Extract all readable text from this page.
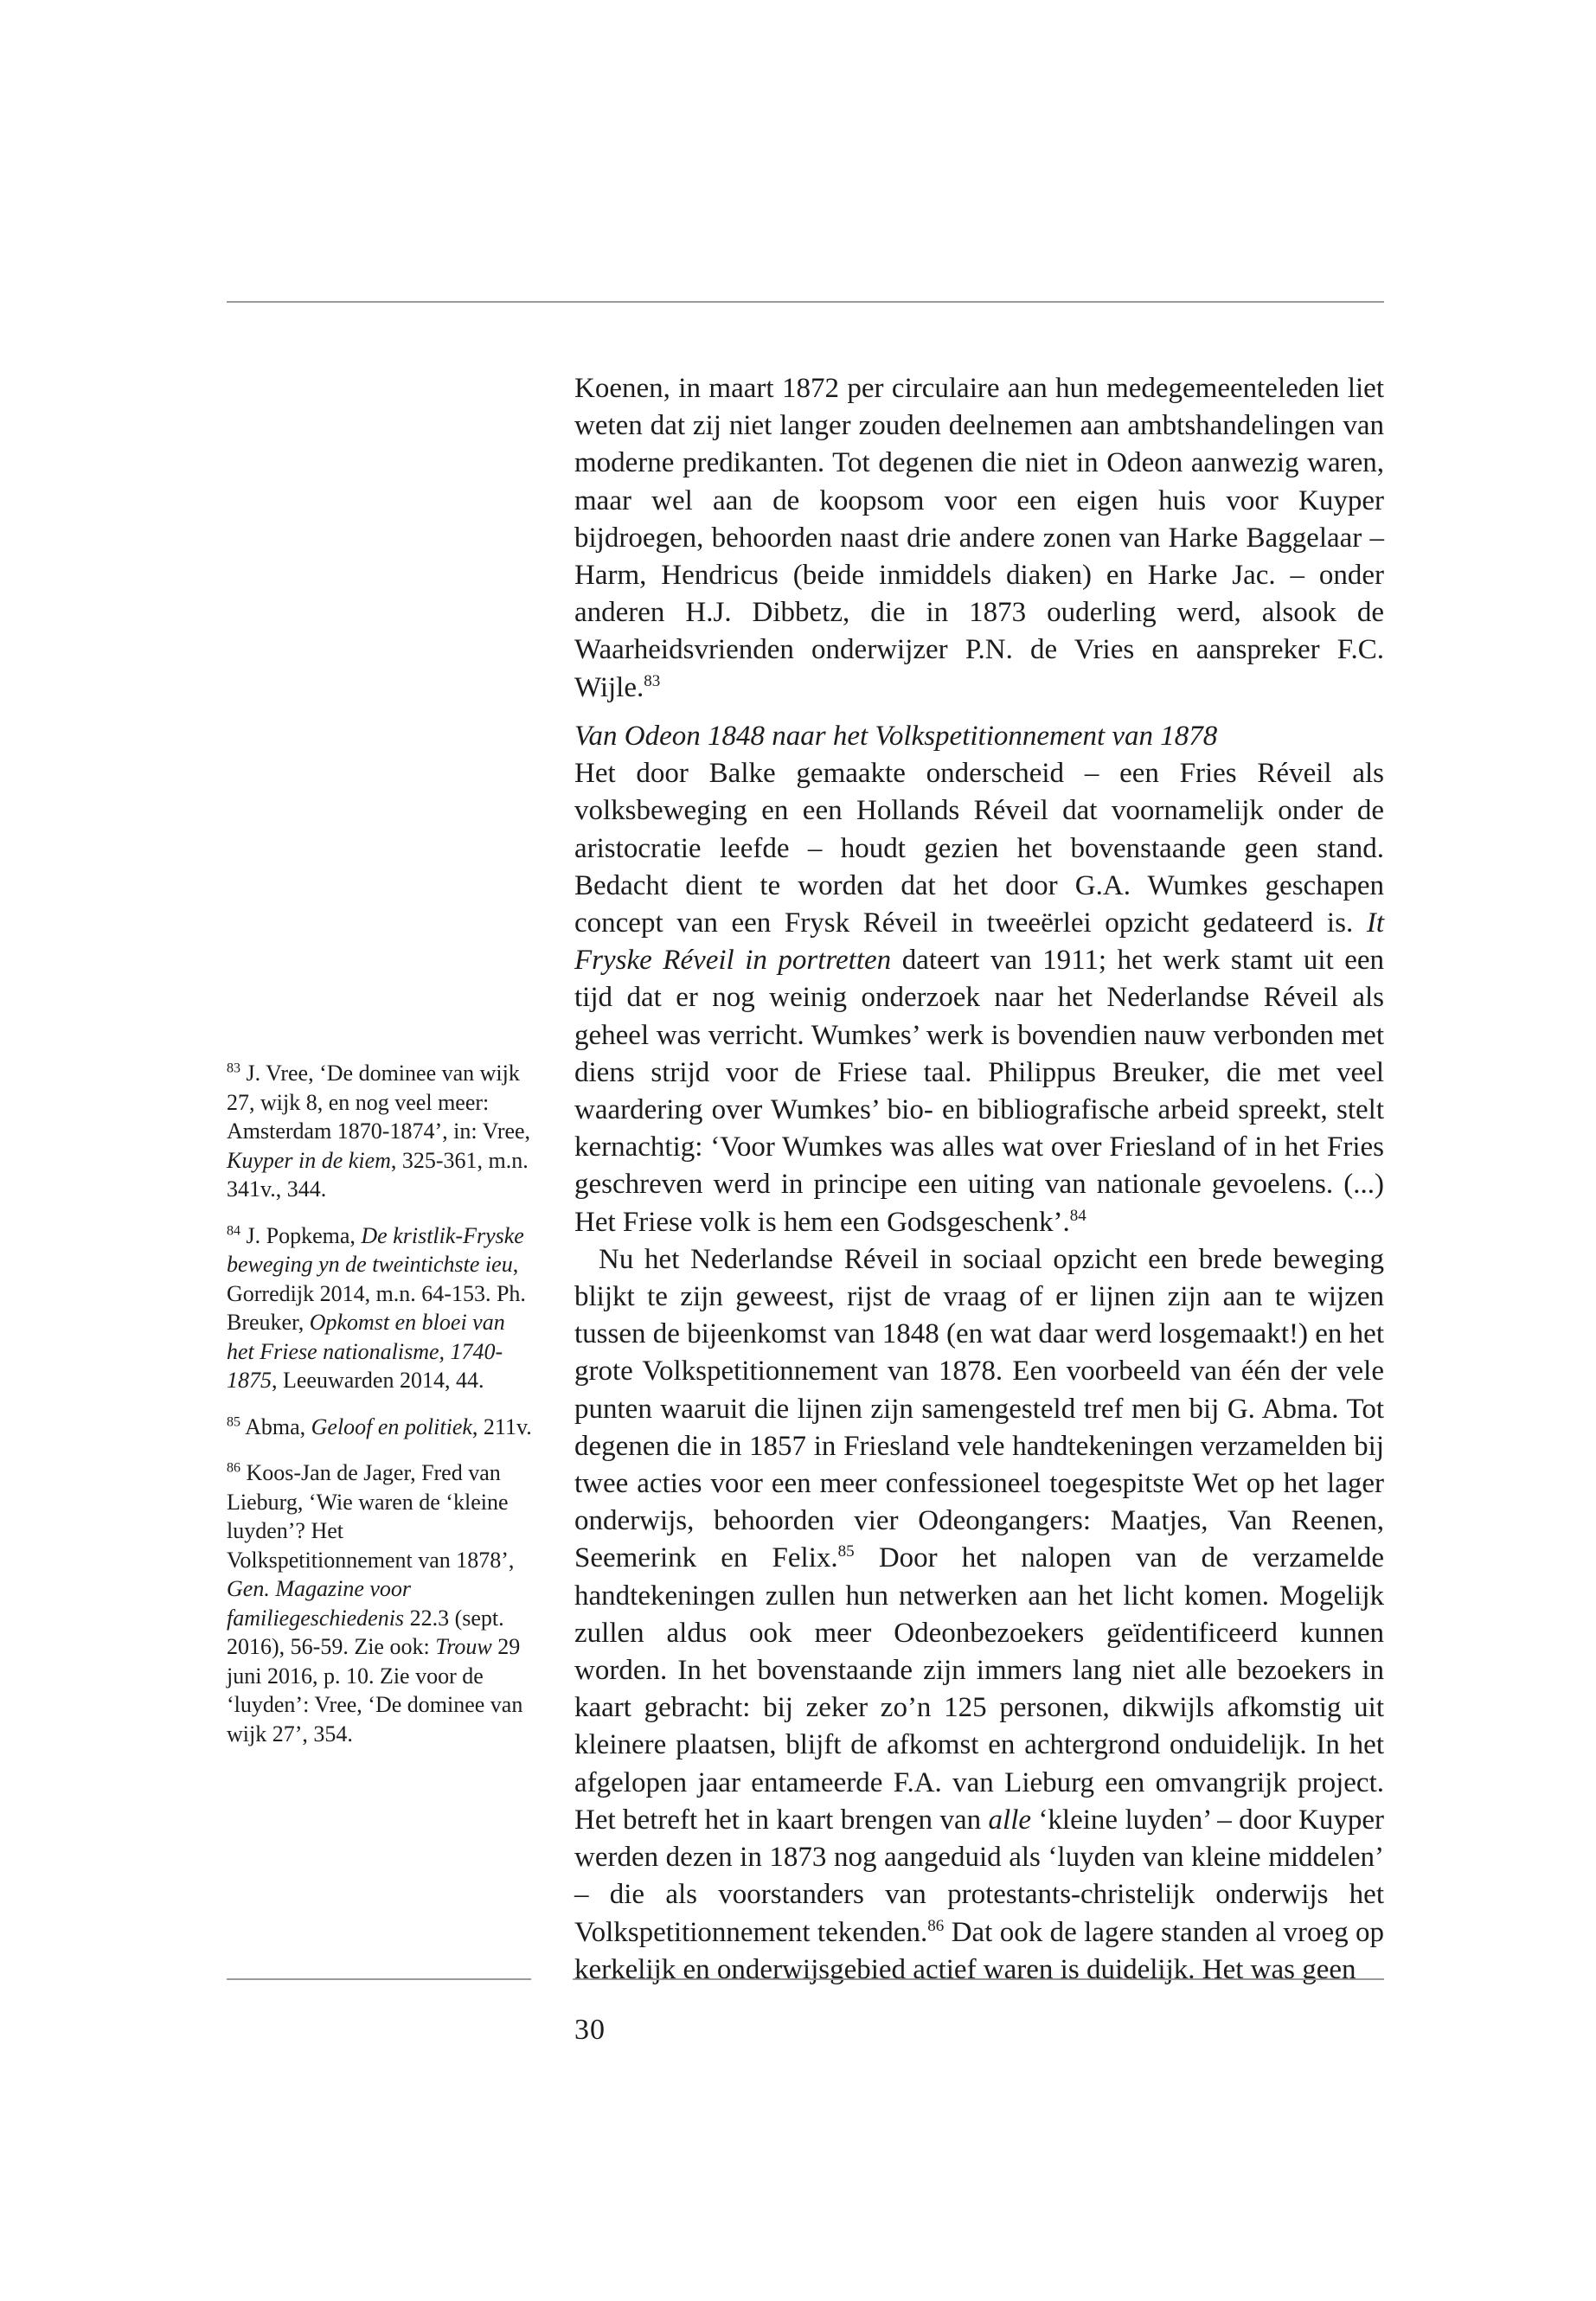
Koenen, in maart 1872 per circulaire aan hun medegemeenteleden liet weten dat zij niet langer zouden deelnemen aan ambtshandelingen van moderne predikanten. Tot degenen die niet in Odeon aanwezig waren, maar wel aan de koopsom voor een eigen huis voor Kuyper bijdroegen, behoorden naast drie andere zonen van Harke Baggelaar – Harm, Hendricus (beide inmiddels diaken) en Harke Jac. – onder anderen H.J. Dibbetz, die in 1873 ouderling werd, alsook de Waarheidsvrienden onderwijzer P.N. de Vries en aanspreker F.C. Wijle.$^{83}$

Van Odeon 1848 naar het Volkspetitionnement van 1878

Het door Balke gemaakte onderscheid – een Fries Réveil als volksbeweging en een Hollands Réveil dat voornamelijk onder de aristocratie leefde – houdt gezien het bovenstaande geen stand. Bedacht dient te worden dat het door G.A. Wumkes geschapen concept van een Frysk Réveil in tweeërlei opzicht gedateerd is. It Fryske Réveil in portretten dateert van 1911; het werk stamt uit een tijd dat er nog weinig onderzoek naar het Nederlandse Réveil als geheel was verricht. Wumkes’ werk is bovendien nauw verbonden met diens strijd voor de Friese taal. Philippus Breuker, die met veel waardering over Wumkes’ bio- en bibliografische arbeid spreekt, stelt kernachtig: ‘Voor Wumkes was alles wat over Friesland of in het Fries geschreven werd in principe een uiting van nationale gevoelens. (...) Het Friese volk is hem een Godsgeschenk’.$^{84}$

Nu het Nederlandse Réveil in sociaal opzicht een brede beweging blijkt te zijn geweest, rijst de vraag of er lijnen zijn aan te wijzen tussen de bijeenkomst van 1848 (en wat daar werd losgemaakt!) en het grote Volkspetitionnement van 1878. Een voorbeeld van één der vele punten waaruit die lijnen zijn samengesteld tref men bij G. Abma. Tot degenen die in 1857 in Friesland vele handtekeningen verzamelden bij twee acties voor een meer confessioneel toegespitste Wet op het lager onderwijs, behoorden vier Odeongangers: Maatjes, Van Reenen, Seemerink en Felix.$^{85}$ Door het nalopen van de verzamelde handtekeningen zullen hun netwerken aan het licht komen. Mogelijk zullen aldus ook meer Odeonbezoekers geïdentificeerd kunnen worden. In het bovenstaande zijn immers lang niet alle bezoekers in kaart gebracht: bij zeker zo’n 125 personen, dikwijls afkomstig uit kleinere plaatsen, blijft de afkomst en achtergrond onduidelijk. In het afgelopen jaar entameerde F.A. van Lieburg een omvangrijk project. Het betreft het in kaart brengen van alle ‘kleine luyden’ – door Kuyper werden dezen in 1873 nog aangeduid als ‘luyden van kleine middelen’ – die als voorstanders van protestants-christelijk onderwijs het Volkspetitionnement tekenden.$^{86}$ Dat ook de lagere standen al vroeg op kerkelijk en onderwijsgebied actief waren is duidelijk. Het was geen

$^{83}$ J. Vree, ‘De dominee van wijk 27, wijk 8, en nog veel meer: Amsterdam 1870-1874’, in: Vree, Kuyper in de kiem, 325-361, m.n. 341v., 344.

$^{84}$ J. Popkema, De kristlik-Fryske beweging yn de tweintichste ieu, Gorredijk 2014, m.n. 64-153. Ph. Breuker, Opkomst en bloei van het Friese nationalisme, 1740-1875, Leeuwarden 2014, 44.

$^{85}$ Abma, Geloof en politiek, 211v.

$^{86}$ Koos-Jan de Jager, Fred van Lieburg, ‘Wie waren de ‘kleine luyden’? Het Volkspetitionnement van 1878’, Gen. Magazine voor familiegeschiedenis 22.3 (sept. 2016), 56-59. Zie ook: Trouw 29 juni 2016, p. 10. Zie voor de ‘luyden’: Vree, ‘De dominee van wijk 27’, 354.

30
